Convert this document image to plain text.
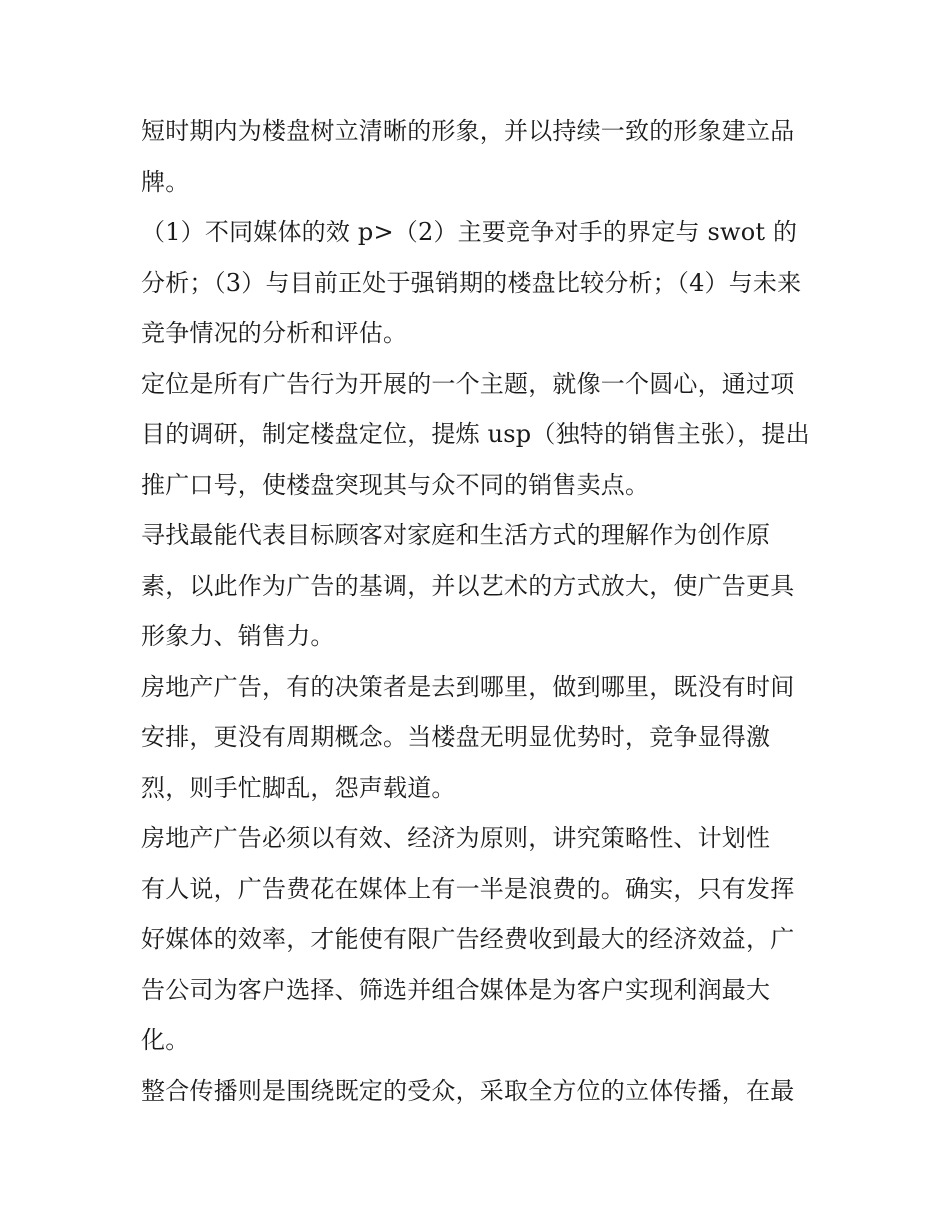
短时期内为楼盘树立清晰的形象，并以持续一致的形象建立品牌。

（1）不同媒体的效 p>（2）主要竞争对手的界定与 swot 的分析；（3）与目前正处于强销期的楼盘比较分析；（4）与未来竞争情况的分析和评估。

定位是所有广告行为开展的一个主题，就像一个圆心，通过项目的调研，制定楼盘定位，提炼 usp（独特的销售主张），提出推广口号，使楼盘突现其与众不同的销售卖点。

寻找最能代表目标顾客对家庭和生活方式的理解作为创作原素，以此作为广告的基调，并以艺术的方式放大，使广告更具形象力、销售力。

房地产广告，有的决策者是去到哪里，做到哪里，既没有时间安排，更没有周期概念。当楼盘无明显优势时，竞争显得激烈，则手忙脚乱，怨声载道。

房地产广告必须以有效、经济为原则，讲究策略性、计划性

有人说，广告费花在媒体上有一半是浪费的。确实，只有发挥好媒体的效率，才能使有限广告经费收到最大的经济效益，广告公司为客户选择、筛选并组合媒体是为客户实现利润最大化。

整合传播则是围绕既定的受众，采取全方位的立体传播，在最
